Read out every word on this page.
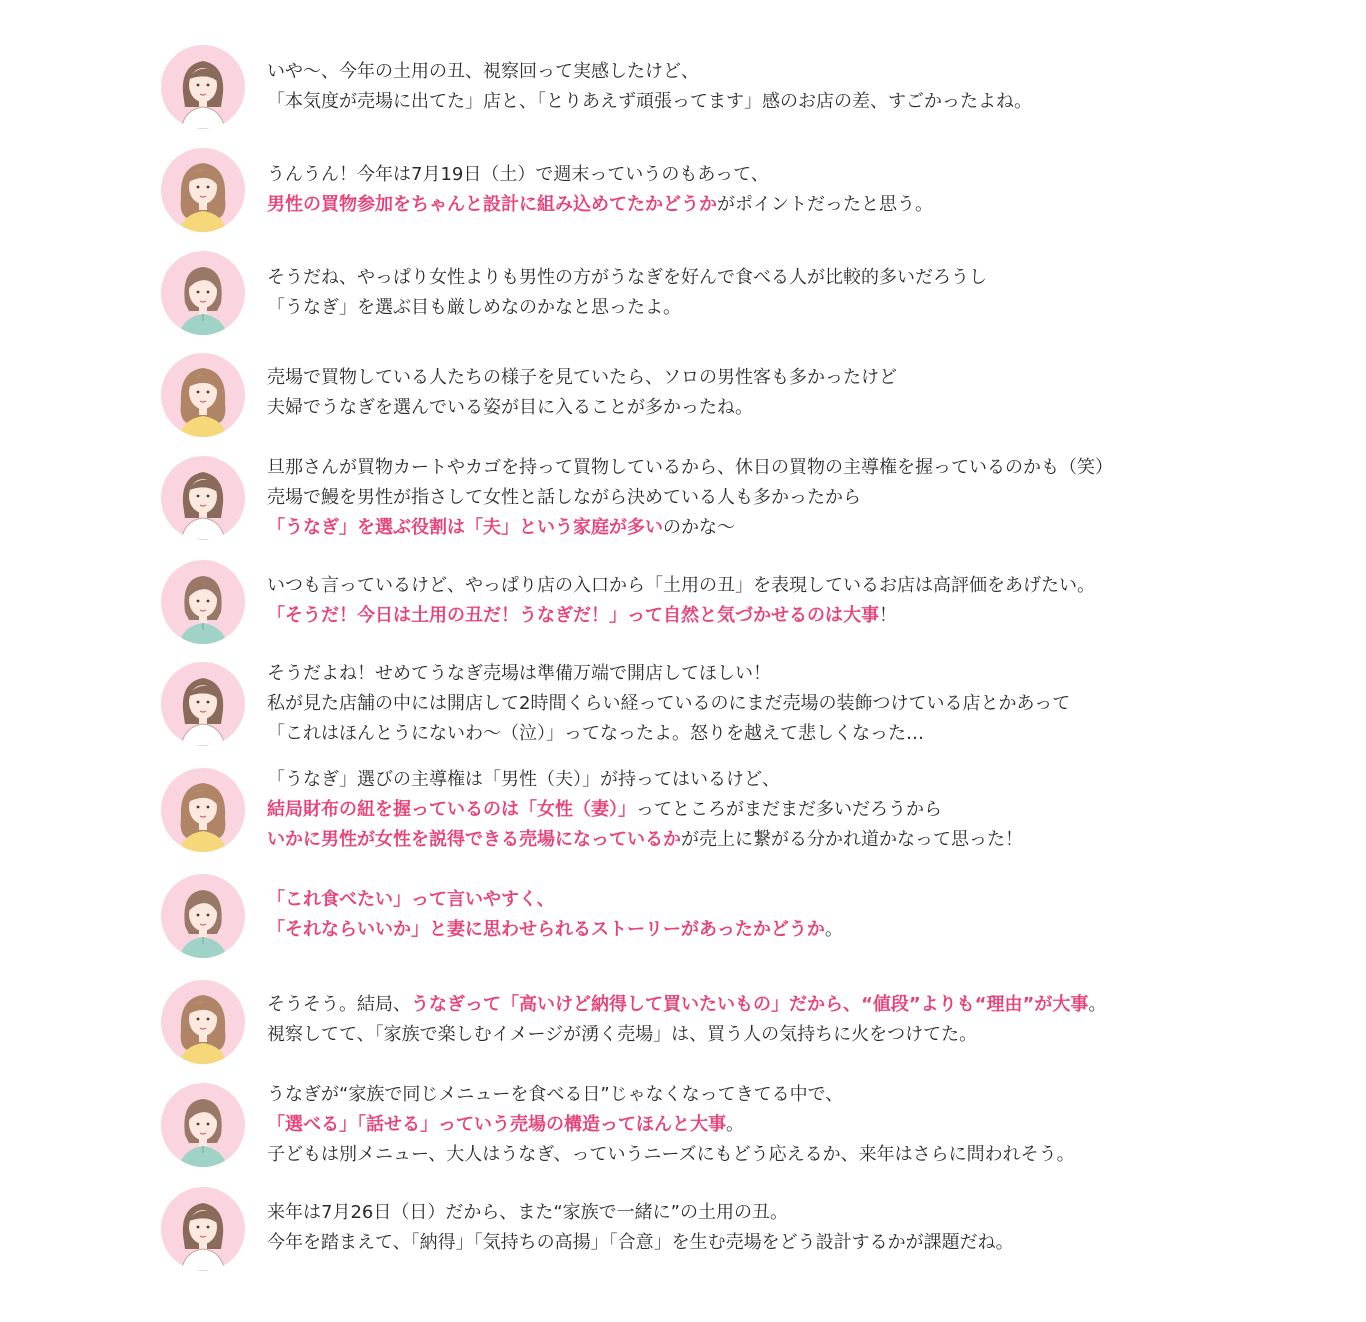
いや〜、今年の土用の丑、視察回って実感したけど、
「本気度が売場に出てた」店と、「とりあえず頑張ってます」感のお店の差、すごかったよね。
うんうん！今年は7月19日（土）で週末っていうのもあって、
男性の買物参加をちゃんと設計に組み込めてたかどうかがポイントだったと思う。
そうだね、やっぱり女性よりも男性の方がうなぎを好んで食べる人が比較的多いだろうし
「うなぎ」を選ぶ目も厳しめなのかなと思ったよ。
売場で買物している人たちの様子を見ていたら、ソロの男性客も多かったけど
夫婦でうなぎを選んでいる姿が目に入ることが多かったね。
旦那さんが買物カートやカゴを持って買物しているから、休日の買物の主導権を握っているのかも（笑）
売場で鰻を男性が指さして女性と話しながら決めている人も多かったから
「うなぎ」を選ぶ役割は「夫」という家庭が多いのかな〜
いつも言っているけど、やっぱり店の入口から「土用の丑」を表現しているお店は高評価をあげたい。
「そうだ！今日は土用の丑だ！うなぎだ！」って自然と気づかせるのは大事！
そうだよね！せめてうなぎ売場は準備万端で開店してほしい！
私が見た店舗の中には開店して2時間くらい経っているのにまだ売場の装飾つけている店とかあって
「これはほんとうにないわ〜（泣）」ってなったよ。怒りを越えて悲しくなった…
「うなぎ」選びの主導権は「男性（夫）」が持ってはいるけど、
結局財布の紐を握っているのは「女性（妻）」ってところがまだまだ多いだろうから
いかに男性が女性を説得できる売場になっているかが売上に繋がる分かれ道かなって思った！
「これ食べたい」って言いやすく、
「それならいいか」と妻に思わせられるストーリーがあったかどうか。
そうそう。結局、うなぎって「高いけど納得して買いたいもの」だから、“値段”よりも“理由”が大事。
視察してて、「家族で楽しむイメージが湧く売場」は、買う人の気持ちに火をつけてた。
うなぎが“家族で同じメニューを食べる日”じゃなくなってきてる中で、
「選べる」「話せる」っていう売場の構造ってほんと大事。
子どもは別メニュー、大人はうなぎ、っていうニーズにもどう応えるか、来年はさらに問われそう。
来年は7月26日（日）だから、また“家族で一緒に”の土用の丑。
今年を踏まえて、「納得」「気持ちの高揚」「合意」を生む売場をどう設計するかが課題だね。
